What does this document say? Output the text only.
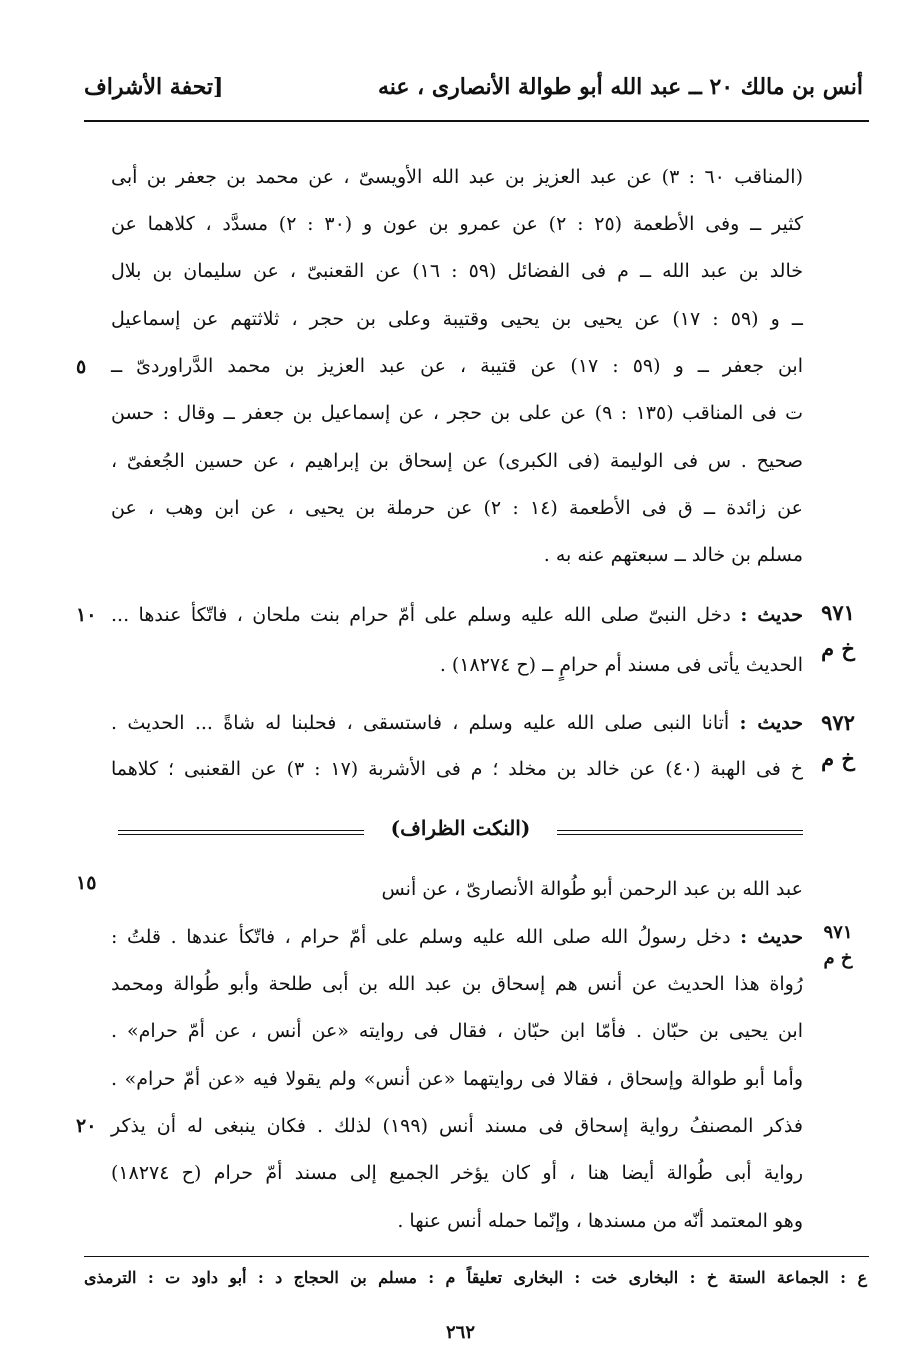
أنس بن مالك ٢٠ ــ عبد الله أبو طوالة الأنصارى ، عنه
[تحفة الأشراف
(المناقب ٦٠ : ٣) عن عبد العزيز بن عبد الله الأويسىّ ، عن محمد بن جعفر بن أبى
كثير ــ وفى الأطعمة (٢٥ : ٢) عن عمرو بن عون و (٣٠ : ٢) مسدَّد ، كلاهما عن
خالد بن عبد الله ــ م فى الفضائل (٥٩ : ١٦) عن القعنبىّ ، عن سليمان بن بلال
ــ و (٥٩ : ١٧) عن يحيى بن يحيى وقتيبة وعلى بن حجر ، ثلاثتهم عن إسماعيل
ابن جعفر ــ و (٥٩ : ١٧) عن قتيبة ، عن عبد العزيز بن محمد الدَّراوردىّ ــ
٥
ت فى المناقب (١٣٥ : ٩) عن على بن حجر ، عن إسماعيل بن جعفر ــ وقال : حسن
صحيح . س فى الوليمة (فى الكبرى) عن إسحاق بن إبراهيم ، عن حسين الجُعفىّ ،
عن زائدة ــ ق فى الأطعمة (١٤ : ٢) عن حرملة بن يحيى ، عن ابن وهب ، عن
مسلم بن خالد ــ سبعتهم عنه به .
٩٧١
خ م
حديث : دخل النبىّ صلى الله عليه وسلم على أمّ حرام بنت ملحان ، فاتّكأ عندها ...
١٠
الحديث يأتى فى مسند أم حرامٍ ــ (ح ١٨٢٧٤) .
٩٧٢
خ م
حديث : أتانا النبى صلى الله عليه وسلم ، فاستسقى ، فحلبنا له شاةً ... الحديث .
خ فى الهبة (٤٠) عن خالد بن مخلد ؛ م فى الأشربة (١٧ : ٣) عن القعنبى ؛ كلاهما
(النكت الظراف)
عبد الله بن عبد الرحمن أبو طُوالة الأنصارىّ ، عن أنس
١٥
٩٧١
خ م
حديث : دخل رسولُ الله صلى الله عليه وسلم على أمّ حرام ، فاتّكأ عندها . قلتُ :
رُواة هذا الحديث عن أنس هم إسحاق بن عبد الله بن أبى طلحة وأبو طُوالة ومحمد
ابن يحيى بن حبّان . فأمّا ابن حبّان ، فقال فى روايته «عن أنس ، عن أمّ حرام» .
وأما أبو طوالة وإسحاق ، فقالا فى روايتهما «عن أنس» ولم يقولا فيه «عن أمّ حرام» .
فذكر المصنفُ رواية إسحاق فى مسند أنس (١٩٩) لذلك . فكان ينبغى له أن يذكر
٢٠
رواية أبى طُوالة أيضا هنا ، أو كان يؤخر الجميع إلى مسند أمّ حرام (ح ١٨٢٧٤)
وهو المعتمد أنّه من مسندها ، وإنّما حمله أنس عنها .
ع : الجماعة الستة خ : البخارى خت : البخارى تعليقاً م : مسلم بن الحجاج د : أبو داود ت : الترمذى
٢٦٢
